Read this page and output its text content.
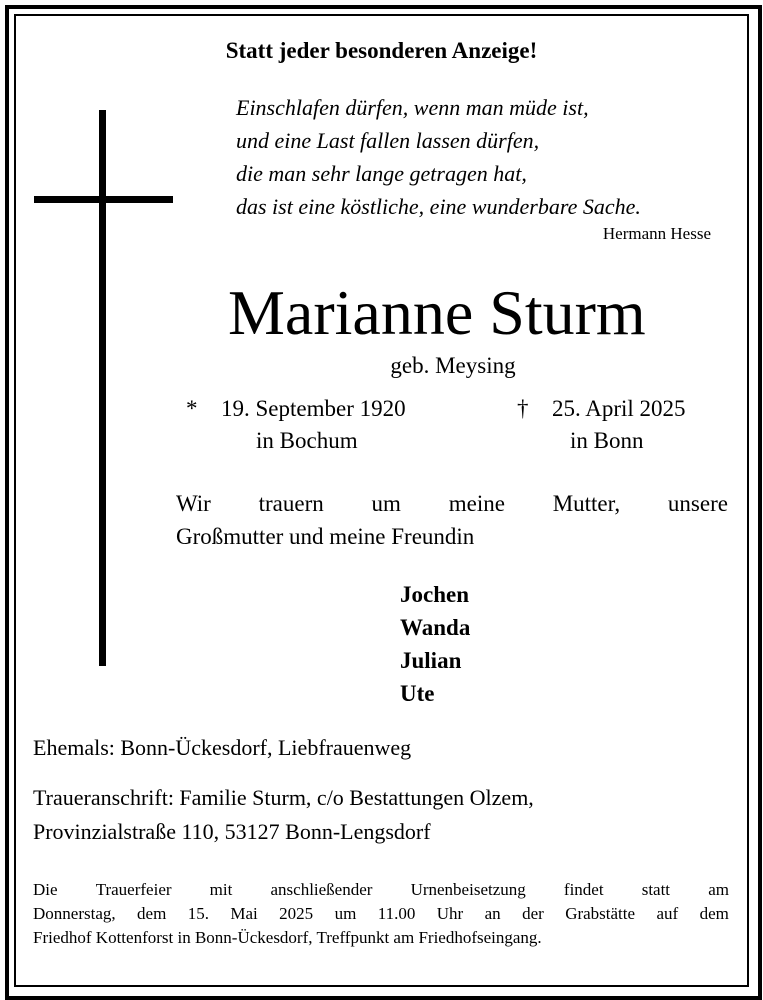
Statt jeder besonderen Anzeige!
Einschlafen dürfen, wenn man müde ist,
und eine Last fallen lassen dürfen,
die man sehr lange getragen hat,
das ist eine köstliche, eine wunderbare Sache.
Hermann Hesse
Marianne Sturm
geb. Meysing
* 19. September 1920
in Bochum
† 25. April 2025
in Bonn
Wir trauern um meine Mutter, unsere
Großmutter und meine Freundin
Jochen
Wanda
Julian
Ute
Ehemals: Bonn-Ückesdorf, Liebfrauenweg
Traueranschrift: Familie Sturm, c/o Bestattungen Olzem,
Provinzialstraße 110, 53127 Bonn-Lengsdorf
Die Trauerfeier mit anschließender Urnenbeisetzung findet statt am
Donnerstag, dem 15. Mai 2025 um 11.00 Uhr an der Grabstätte auf dem
Friedhof Kottenforst in Bonn-Ückesdorf, Treffpunkt am Friedhofseingang.
